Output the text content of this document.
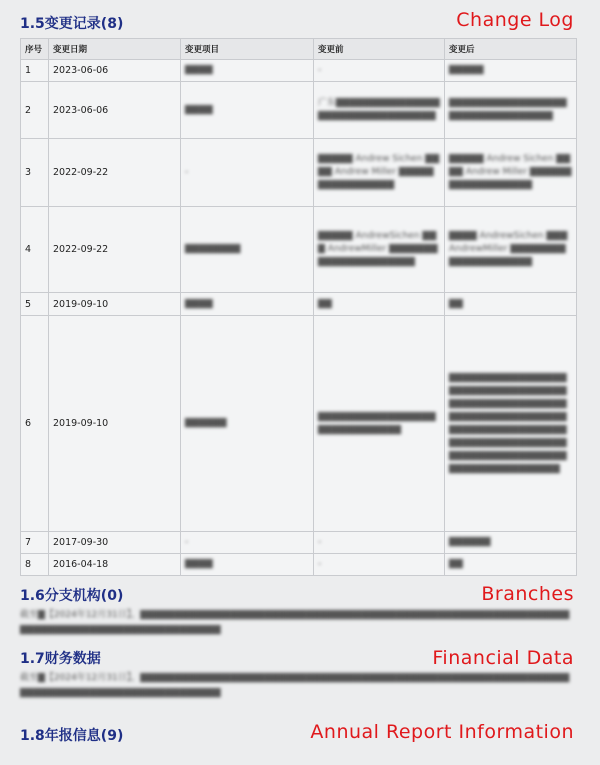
1.5变更记录(8)	Change Log
序号	变更日期	变更项目	变更前	变更后
1	2023-06-06	▇▇▇▇	-	▇▇▇▇▇
2	2023-06-06	▇▇▇▇	广东▇▇▇▇▇▇▇▇▇▇▇▇▇▇▇▇▇▇▇▇▇▇▇▇▇▇▇▇▇▇▇▇	▇▇▇▇▇▇▇▇▇▇▇▇▇▇▇▇▇▇▇▇▇▇▇▇▇▇▇▇▇▇▇▇
3	2022-09-22	-	▇▇▇▇▇ Andrew Sichen ▇▇▇▇ Andrew Miller ▇▇▇▇▇▇▇▇▇▇▇▇▇▇▇▇	▇▇▇▇▇ Andrew Sichen ▇▇▇▇ Andrew Miller ▇▇▇▇▇▇▇▇▇▇▇▇▇▇▇▇▇▇
4	2022-09-22	▇▇▇▇▇▇▇▇	▇▇▇▇▇ AndrewSichen ▇▇▇ AndrewMiller ▇▇▇▇▇▇▇▇▇▇▇▇▇▇▇▇▇▇▇▇▇	▇▇▇▇ AndrewSichen ▇▇▇ AndrewMiller ▇▇▇▇▇▇▇▇▇▇▇▇▇▇▇▇▇▇▇▇
5	2019-09-10	▇▇▇▇	▇▇	▇▇
6	2019-09-10	▇▇▇▇▇▇	▇▇▇▇▇▇▇▇▇▇▇▇▇▇▇▇▇▇▇▇▇▇▇▇▇▇▇▇▇	▇▇▇▇▇▇▇▇▇▇▇▇▇▇▇▇▇▇▇▇▇▇▇▇▇▇▇▇▇▇▇▇▇▇▇▇▇▇▇▇▇▇▇▇▇▇▇▇▇▇▇▇▇▇▇▇▇▇▇▇▇▇▇▇▇▇▇▇▇▇▇▇▇▇▇▇▇▇▇▇▇▇▇▇▇▇▇▇▇▇▇▇▇▇▇▇▇▇▇▇▇▇▇▇▇▇▇▇▇▇▇▇▇▇▇▇▇▇▇▇▇▇▇▇▇▇▇▇▇▇▇▇▇▇▇
7	2017-09-30	-	-	▇▇▇▇▇▇
8	2016-04-18	▇▇▇▇	-	▇▇
1.6分支机构(0)	Branches
截至▇【2024年12月31日】，▇▇▇▇▇▇▇▇▇▇▇▇▇▇▇▇▇▇▇▇▇▇▇▇▇▇▇▇▇▇▇▇▇▇▇▇▇▇▇▇▇▇▇▇▇▇▇▇▇▇▇▇▇▇▇▇▇▇▇▇▇▇▇▇▇▇▇▇▇▇▇▇▇▇▇▇▇▇▇▇▇▇▇▇▇▇▇▇▇▇▇
1.7财务数据	Financial Data
截至▇【2024年12月31日】，▇▇▇▇▇▇▇▇▇▇▇▇▇▇▇▇▇▇▇▇▇▇▇▇▇▇▇▇▇▇▇▇▇▇▇▇▇▇▇▇▇▇▇▇▇▇▇▇▇▇▇▇▇▇▇▇▇▇▇▇▇▇▇▇▇▇▇▇▇▇▇▇▇▇▇▇▇▇▇▇▇▇▇▇▇▇▇▇▇▇▇
1.8年报信息(9)	Annual Report Information
